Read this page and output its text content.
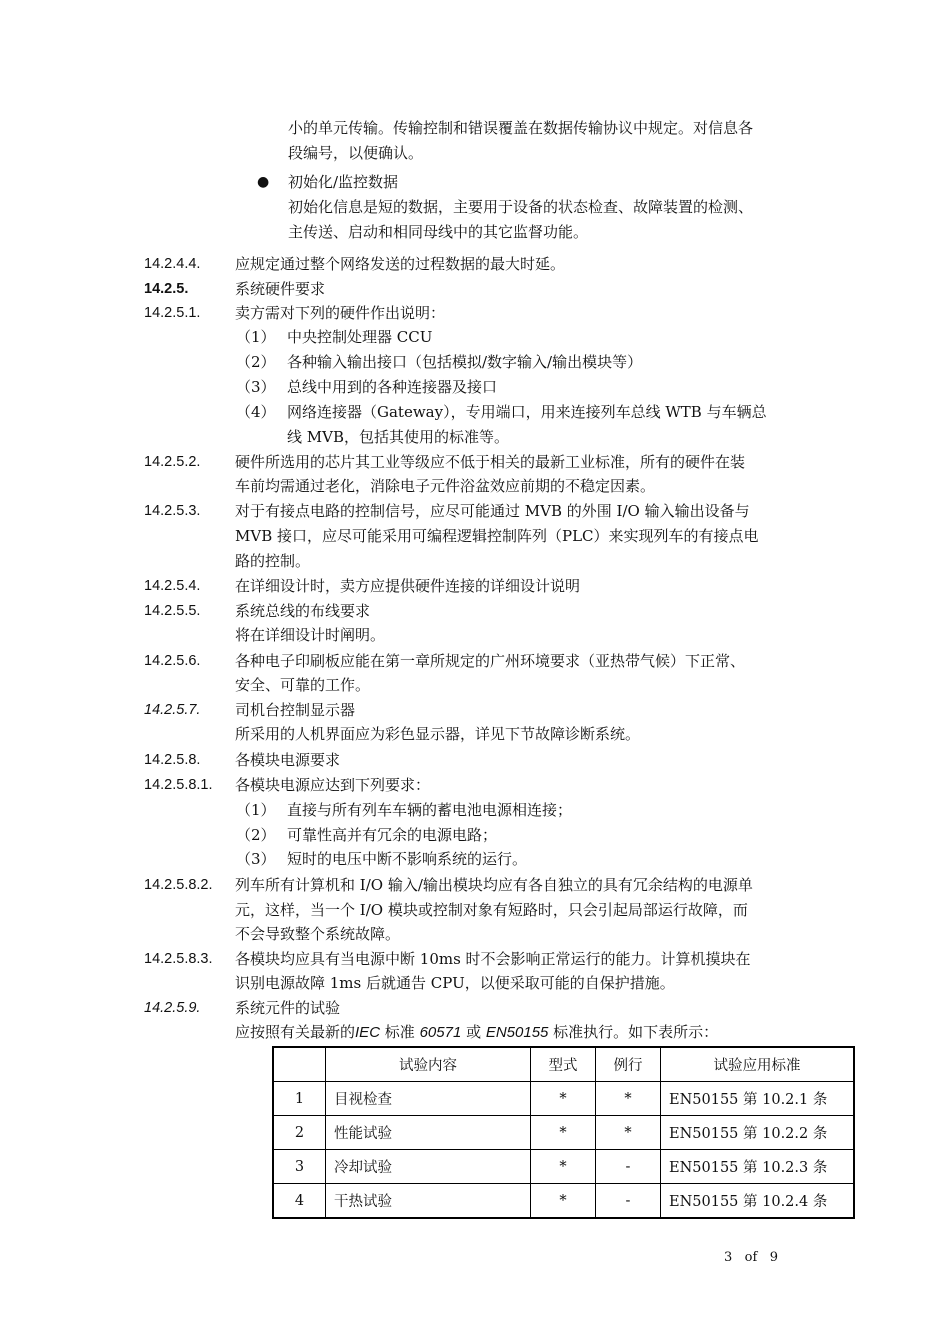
小的单元传输。传输控制和错误覆盖在数据传输协议中规定。对信息各
段编号，以便确认。
● 初始化/监控数据
初始化信息是短的数据，主要用于设备的状态检查、故障装置的检测、
主传送、启动和相同母线中的其它监督功能。
14.2.4.4. 应规定通过整个网络发送的过程数据的最大时延。
14.2.5.	系统硬件要求
14.2.5.1. 卖方需对下列的硬件作出说明：
（1） 中央控制处理器 CCU
（2） 各种输入输出接口（包括模拟/数字输入/输出模块等）
（3） 总线中用到的各种连接器及接口
（4） 网络连接器（Gateway），专用端口，用来连接列车总线 WTB 与车辆总
线 MVB，包括其使用的标准等。
14.2.5.2. 硬件所选用的芯片其工业等级应不低于相关的最新工业标准，所有的硬件在装
车前均需通过老化，消除电子元件浴盆效应前期的不稳定因素。
14.2.5.3. 对于有接点电路的控制信号，应尽可能通过 MVB 的外围 I/O 输入输出设备与
MVB 接口，应尽可能采用可编程逻辑控制阵列（PLC）来实现列车的有接点电
路的控制。
14.2.5.4. 在详细设计时，卖方应提供硬件连接的详细设计说明
14.2.5.5. 系统总线的布线要求
将在详细设计时阐明。
14.2.5.6. 各种电子印刷板应能在第一章所规定的广州环境要求（亚热带气候）下正常、
安全、可靠的工作。
14.2.5.7. 司机台控制显示器
所采用的人机界面应为彩色显示器，详见下节故障诊断系统。
14.2.5.8. 各模块电源要求
14.2.5.8.1. 各模块电源应达到下列要求：
（1） 直接与所有列车车辆的蓄电池电源相连接；
（2） 可靠性高并有冗余的电源电路；
（3） 短时的电压中断不影响系统的运行。
14.2.5.8.2. 列车所有计算机和 I/O 输入/输出模块均应有各自独立的具有冗余结构的电源单
元，这样，当一个 I/O 模块或控制对象有短路时，只会引起局部运行故障，而
不会导致整个系统故障。
14.2.5.8.3. 各模块均应具有当电源中断 10ms 时不会影响正常运行的能力。计算机摸块在
识别电源故障 1ms 后就通告 CPU，以便采取可能的自保护措施。
14.2.5.9. 系统元件的试验
应按照有关最新的IEC 标准 60571 或 EN50155 标准执行。如下表所示：
	试验内容	型式	例行	试验应用标准
1	目视检查	*	*	EN50155 第 10.2.1 条
2	性能试验	*	*	EN50155 第 10.2.2 条
3	冷却试验	*	-	EN50155 第 10.2.3 条
4	干热试验	*	-	EN50155 第 10.2.4 条
3   of   9
